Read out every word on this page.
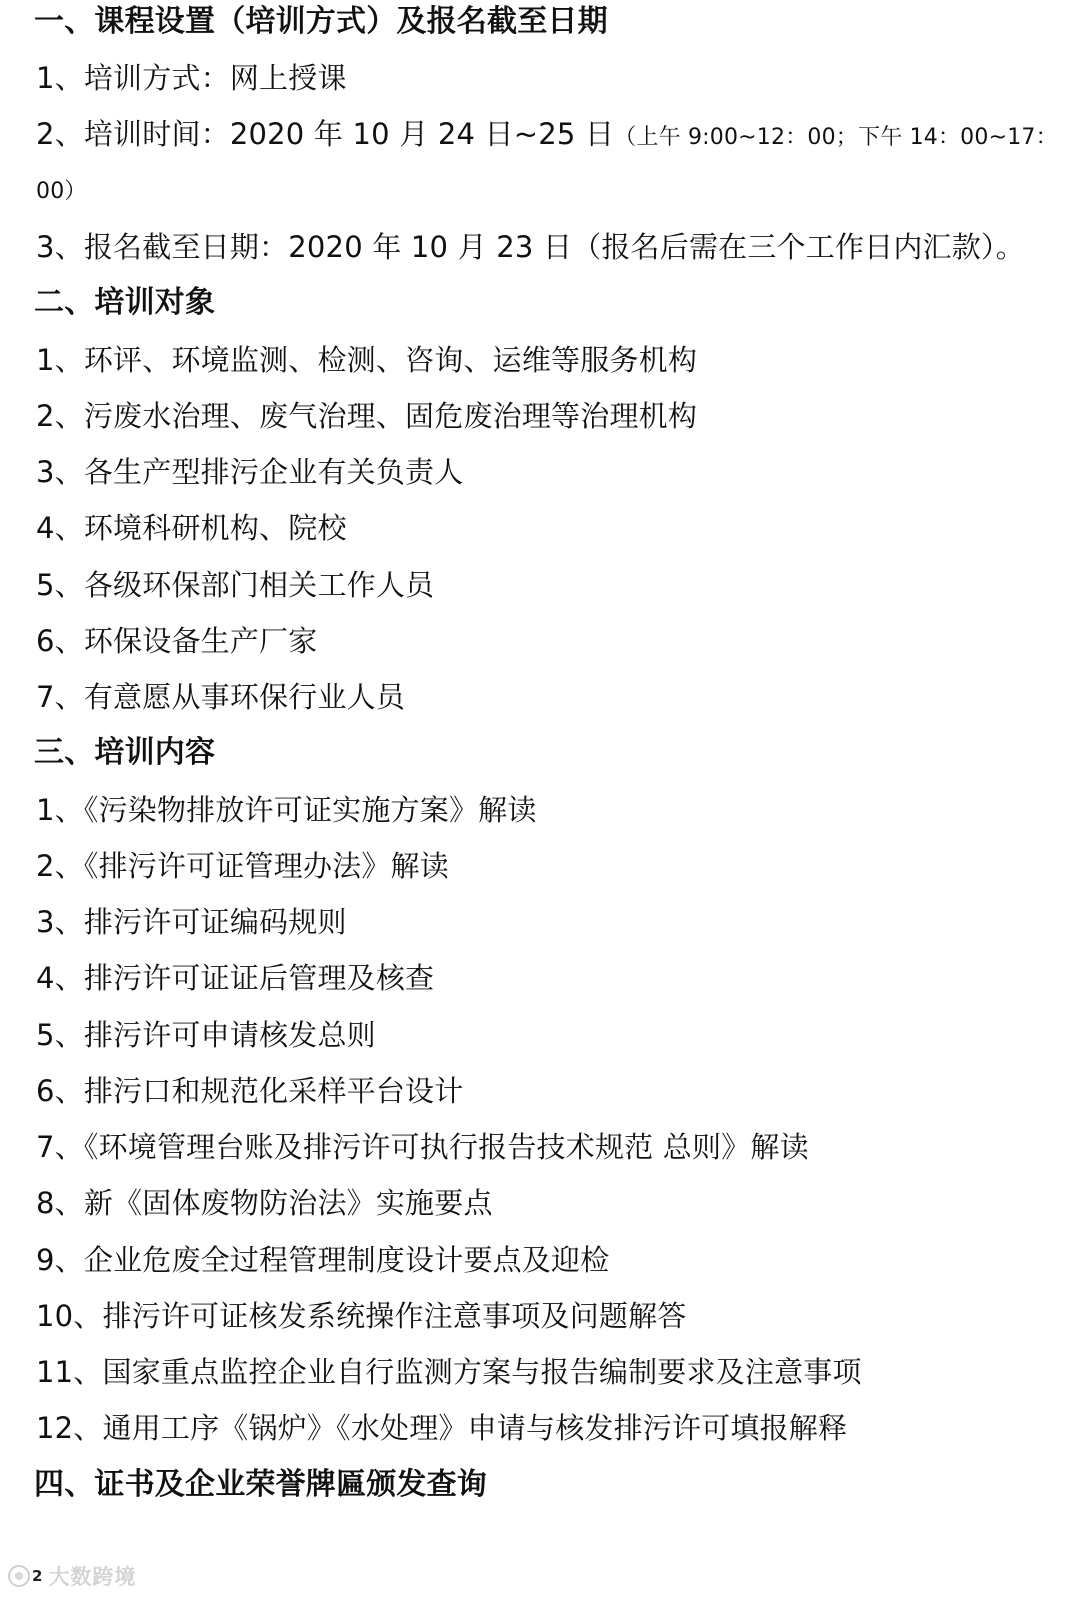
一、课程设置（培训方式）及报名截至日期

1、培训方式：网上授课

2、培训时间：2020 年 10 月 24 日~25 日（上午 9:00~12：00；下午 14：00~17：

00）

3、报名截至日期：2020 年 10 月 23 日（报名后需在三个工作日内汇款）。

二、培训对象

1、环评、环境监测、检测、咨询、运维等服务机构

2、污废水治理、废气治理、固危废治理等治理机构

3、各生产型排污企业有关负责人

4、环境科研机构、院校

5、各级环保部门相关工作人员

6、环保设备生产厂家

7、有意愿从事环保行业人员

三、培训内容

1、《污染物排放许可证实施方案》解读

2、《排污许可证管理办法》解读

3、排污许可证编码规则

4、排污许可证证后管理及核查

5、排污许可申请核发总则

6、排污口和规范化采样平台设计

7、《环境管理台账及排污许可执行报告技术规范 总则》解读

8、新《固体废物防治法》实施要点

9、企业危废全过程管理制度设计要点及迎检

10、排污许可证核发系统操作注意事项及问题解答

11、国家重点监控企业自行监测方案与报告编制要求及注意事项

12、通用工序《锅炉》《水处理》申请与核发排污许可填报解释

四、证书及企业荣誉牌匾颁发查询

2 大数跨境
